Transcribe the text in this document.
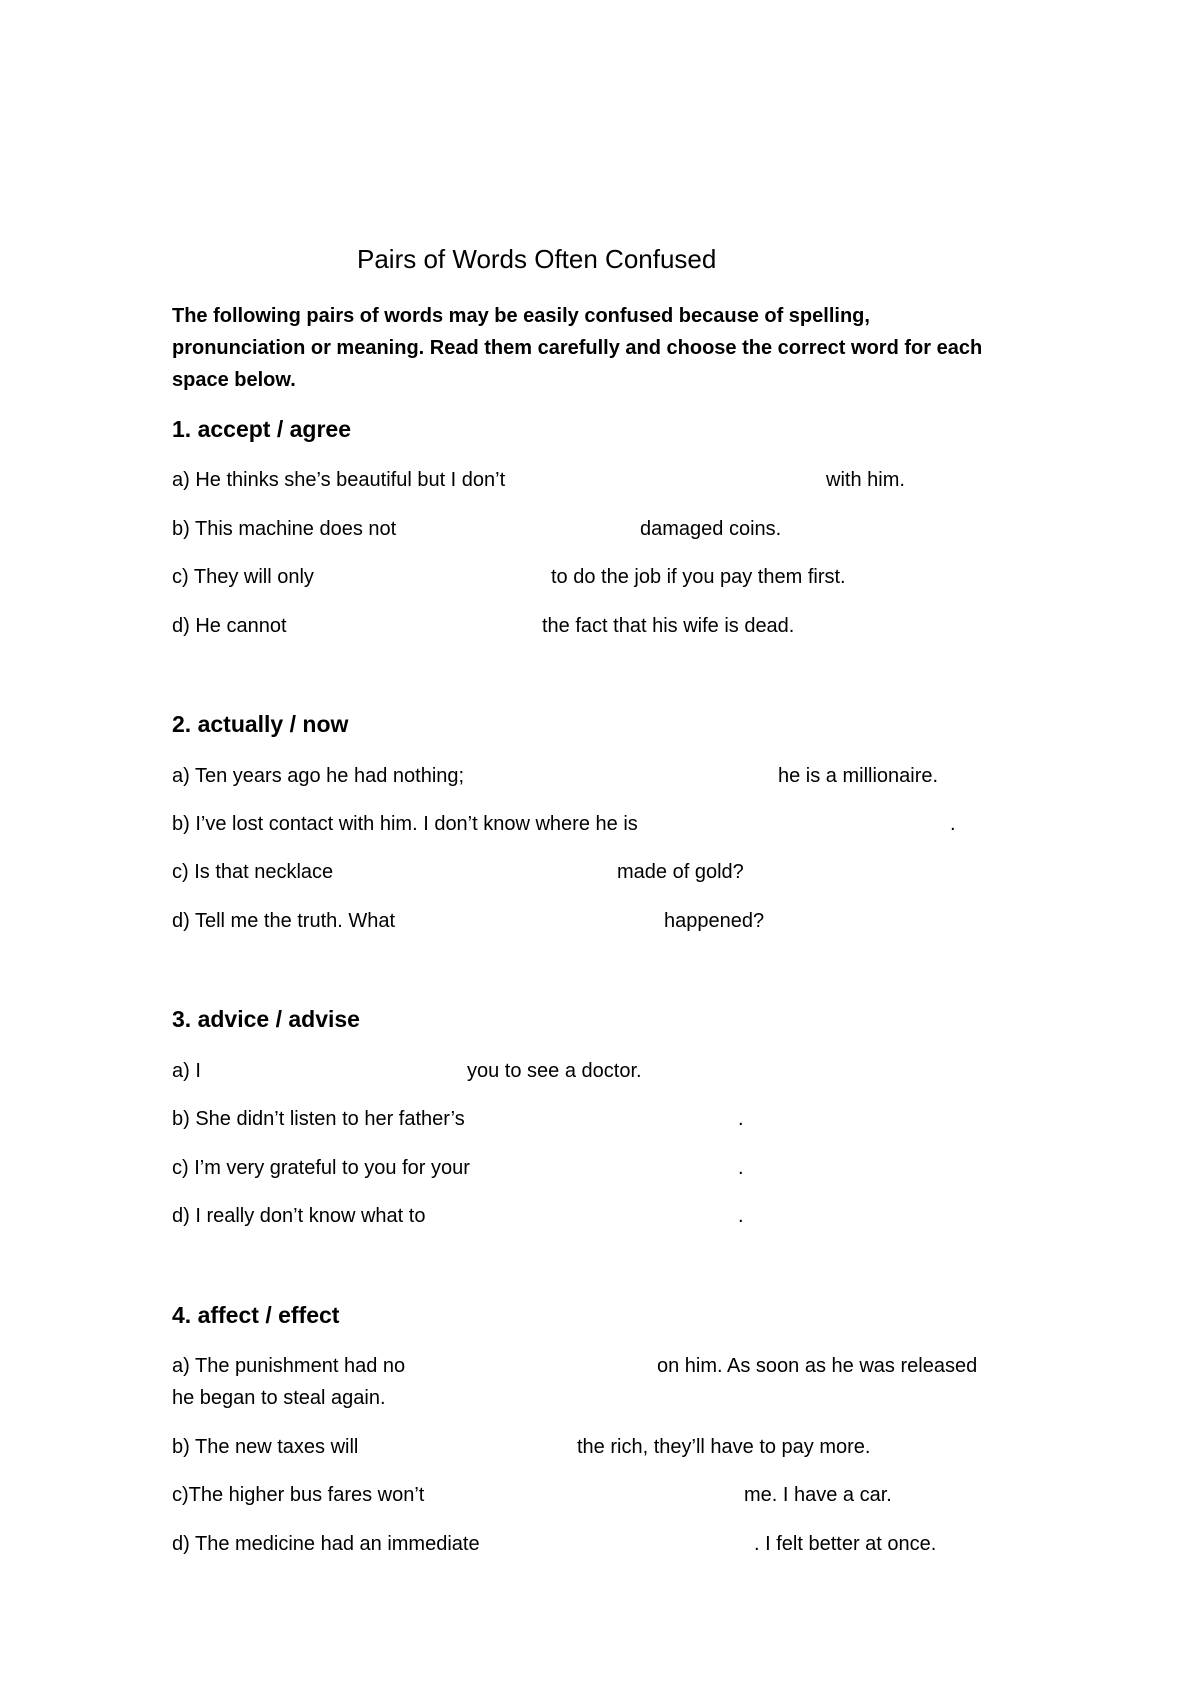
Pairs of Words Often Confused
The following pairs of words may be easily confused because of spelling,
pronunciation or meaning. Read them carefully and choose the correct word for each
space below.
1. accept / agree
a) He thinks she’s beautiful but I don’t	with him.
b) This machine does not	damaged coins.
c) They will only	to do the job if you pay them first.
d) He cannot	the fact that his wife is dead.
2. actually / now
a) Ten years ago he had nothing;	he is a millionaire.
b) I’ve lost contact with him. I don’t know where he is	.
c) Is that necklace	made of gold?
d) Tell me the truth. What	happened?
3. advice / advise
a) I	you to see a doctor.
b) She didn’t listen to her father’s	.
c) I’m very grateful to you for your	.
d) I really don’t know what to	.
4. affect / effect
a) The punishment had no	on him. As soon as he was released
he began to steal again.
b) The new taxes will	the rich, they’ll have to pay more.
c)The higher bus fares won’t	me. I have a car.
d) The medicine had an immediate	. I felt better at once.
